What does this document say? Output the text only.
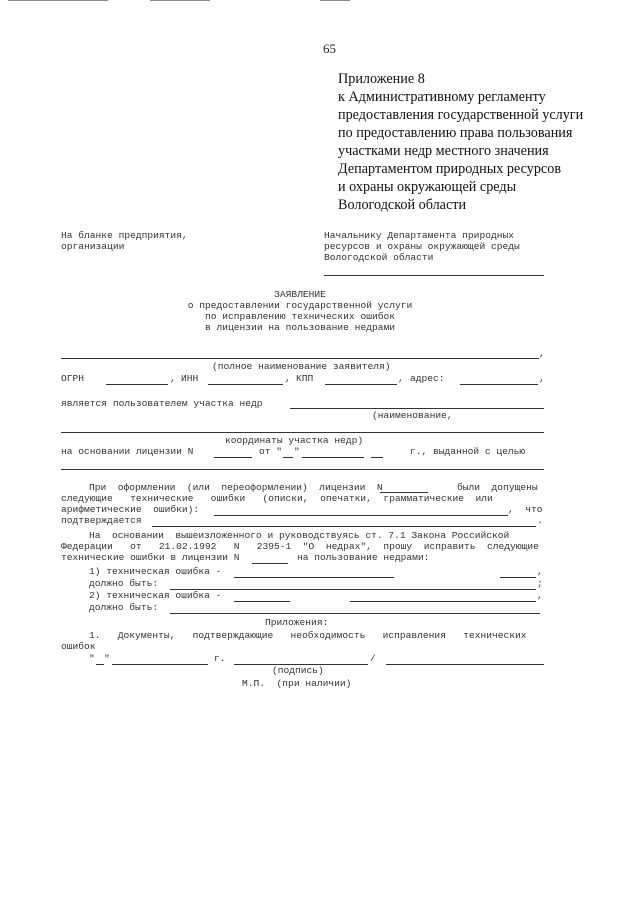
65
Приложение 8
к Административному регламенту
предоставления государственной услуги
по предоставлению права пользования
участками недр местного значения
Департаментом природных ресурсов
и охраны окружающей среды
Вологодской области
На бланке предприятия,
организации
Начальнику Департамента природных
ресурсов и охраны окружающей среды
Вологодской области
ЗАЯВЛЕНИЕ
о предоставлении государственной услуги
по исправлению технических ошибок
в лицензии на пользование недрами
,
(полное наименование заявителя)
ОГРН	, ИНН	, КПП	, адрес:	,
является пользователем участка недр
(наименование,
координаты участка недр)
на основании лицензии N	от " "	г., выданной с целью
При  оформлении  (или  переоформлении)  лицензии  N	были  допущены
следующие   технические   ошибки   (описки,  опечатки,  грамматические  или
арифметические  ошибки):	,  что
подтверждается	.
На  основании  вышеизложенного и руководствуясь ст. 7.1 Закона Российской
Федерации   от   21.02.1992   N   2395-1  "О  недрах",  прошу  исправить  следующие
технические ошибки в лицензии N	на пользование недрами:
1) техническая ошибка -	,
должно быть:	;
2) техническая ошибка -	,
должно быть:
Приложения:
1.   Документы,   подтверждающие   необходимость   исправления   технических
ошибок
" "	г.	/
(подпись)
М.П.  (при наличии)
